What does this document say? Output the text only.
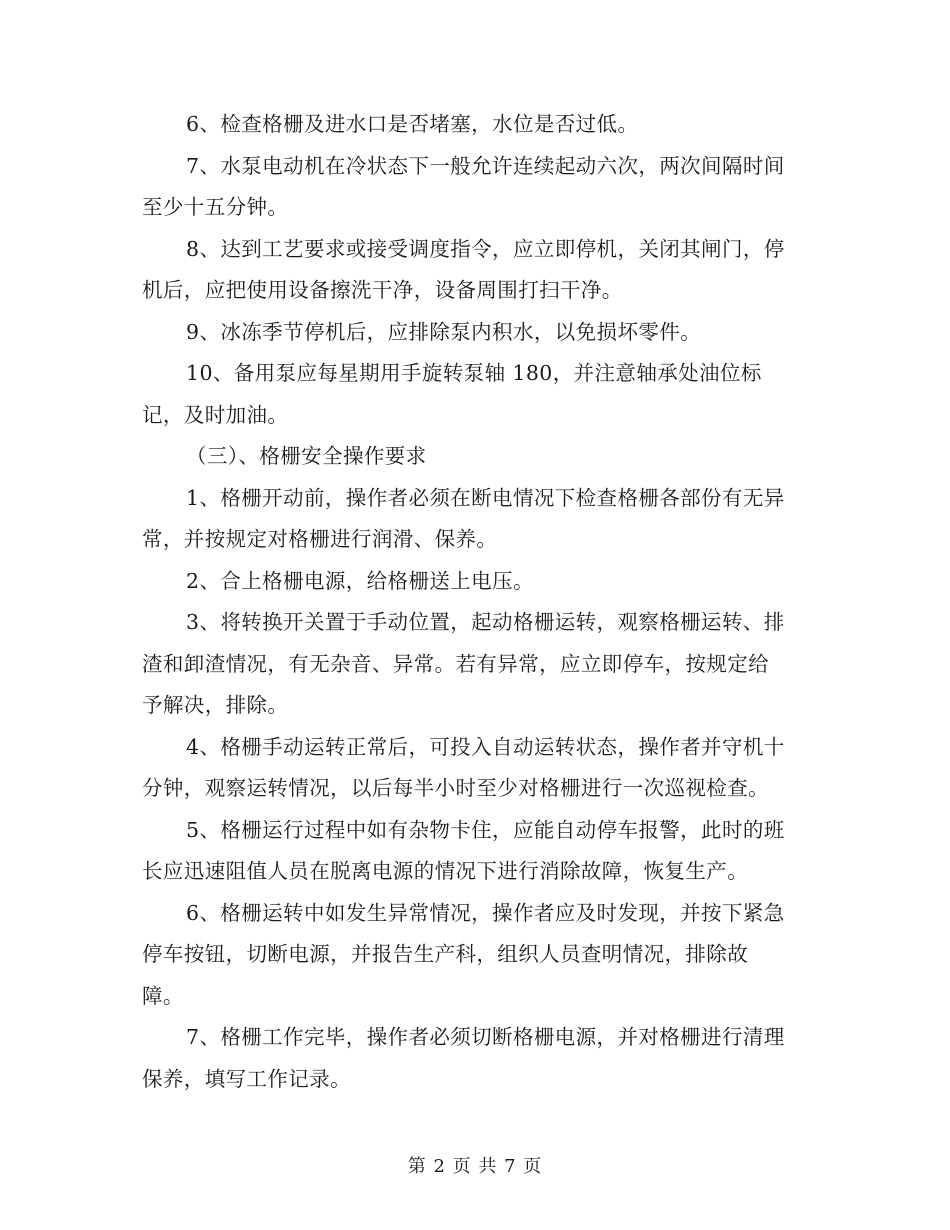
6、检查格栅及进水口是否堵塞，水位是否过低。

7、水泵电动机在冷状态下一般允许连续起动六次，两次间隔时间
至少十五分钟。

8、达到工艺要求或接受调度指令，应立即停机，关闭其闸门，停
机后，应把使用设备擦洗干净，设备周围打扫干净。

9、冰冻季节停机后，应排除泵内积水，以免损坏零件。

10、备用泵应每星期用手旋转泵轴 180，并注意轴承处油位标
记，及时加油。

（三）、格栅安全操作要求

1、格栅开动前，操作者必须在断电情况下检查格栅各部份有无异
常，并按规定对格栅进行润滑、保养。

2、合上格栅电源，给格栅送上电压。

3、将转换开关置于手动位置，起动格栅运转，观察格栅运转、排
渣和卸渣情况，有无杂音、异常。若有异常，应立即停车，按规定给
予解决，排除。

4、格栅手动运转正常后，可投入自动运转状态，操作者并守机十
分钟，观察运转情况，以后每半小时至少对格栅进行一次巡视检查。

5、格栅运行过程中如有杂物卡住，应能自动停车报警，此时的班
长应迅速阻值人员在脱离电源的情况下进行消除故障，恢复生产。

6、格栅运转中如发生异常情况，操作者应及时发现，并按下紧急
停车按钮，切断电源，并报告生产科，组织人员查明情况，排除故
障。

7、格栅工作完毕，操作者必须切断格栅电源，并对格栅进行清理
保养，填写工作记录。

第 2 页 共 7 页
